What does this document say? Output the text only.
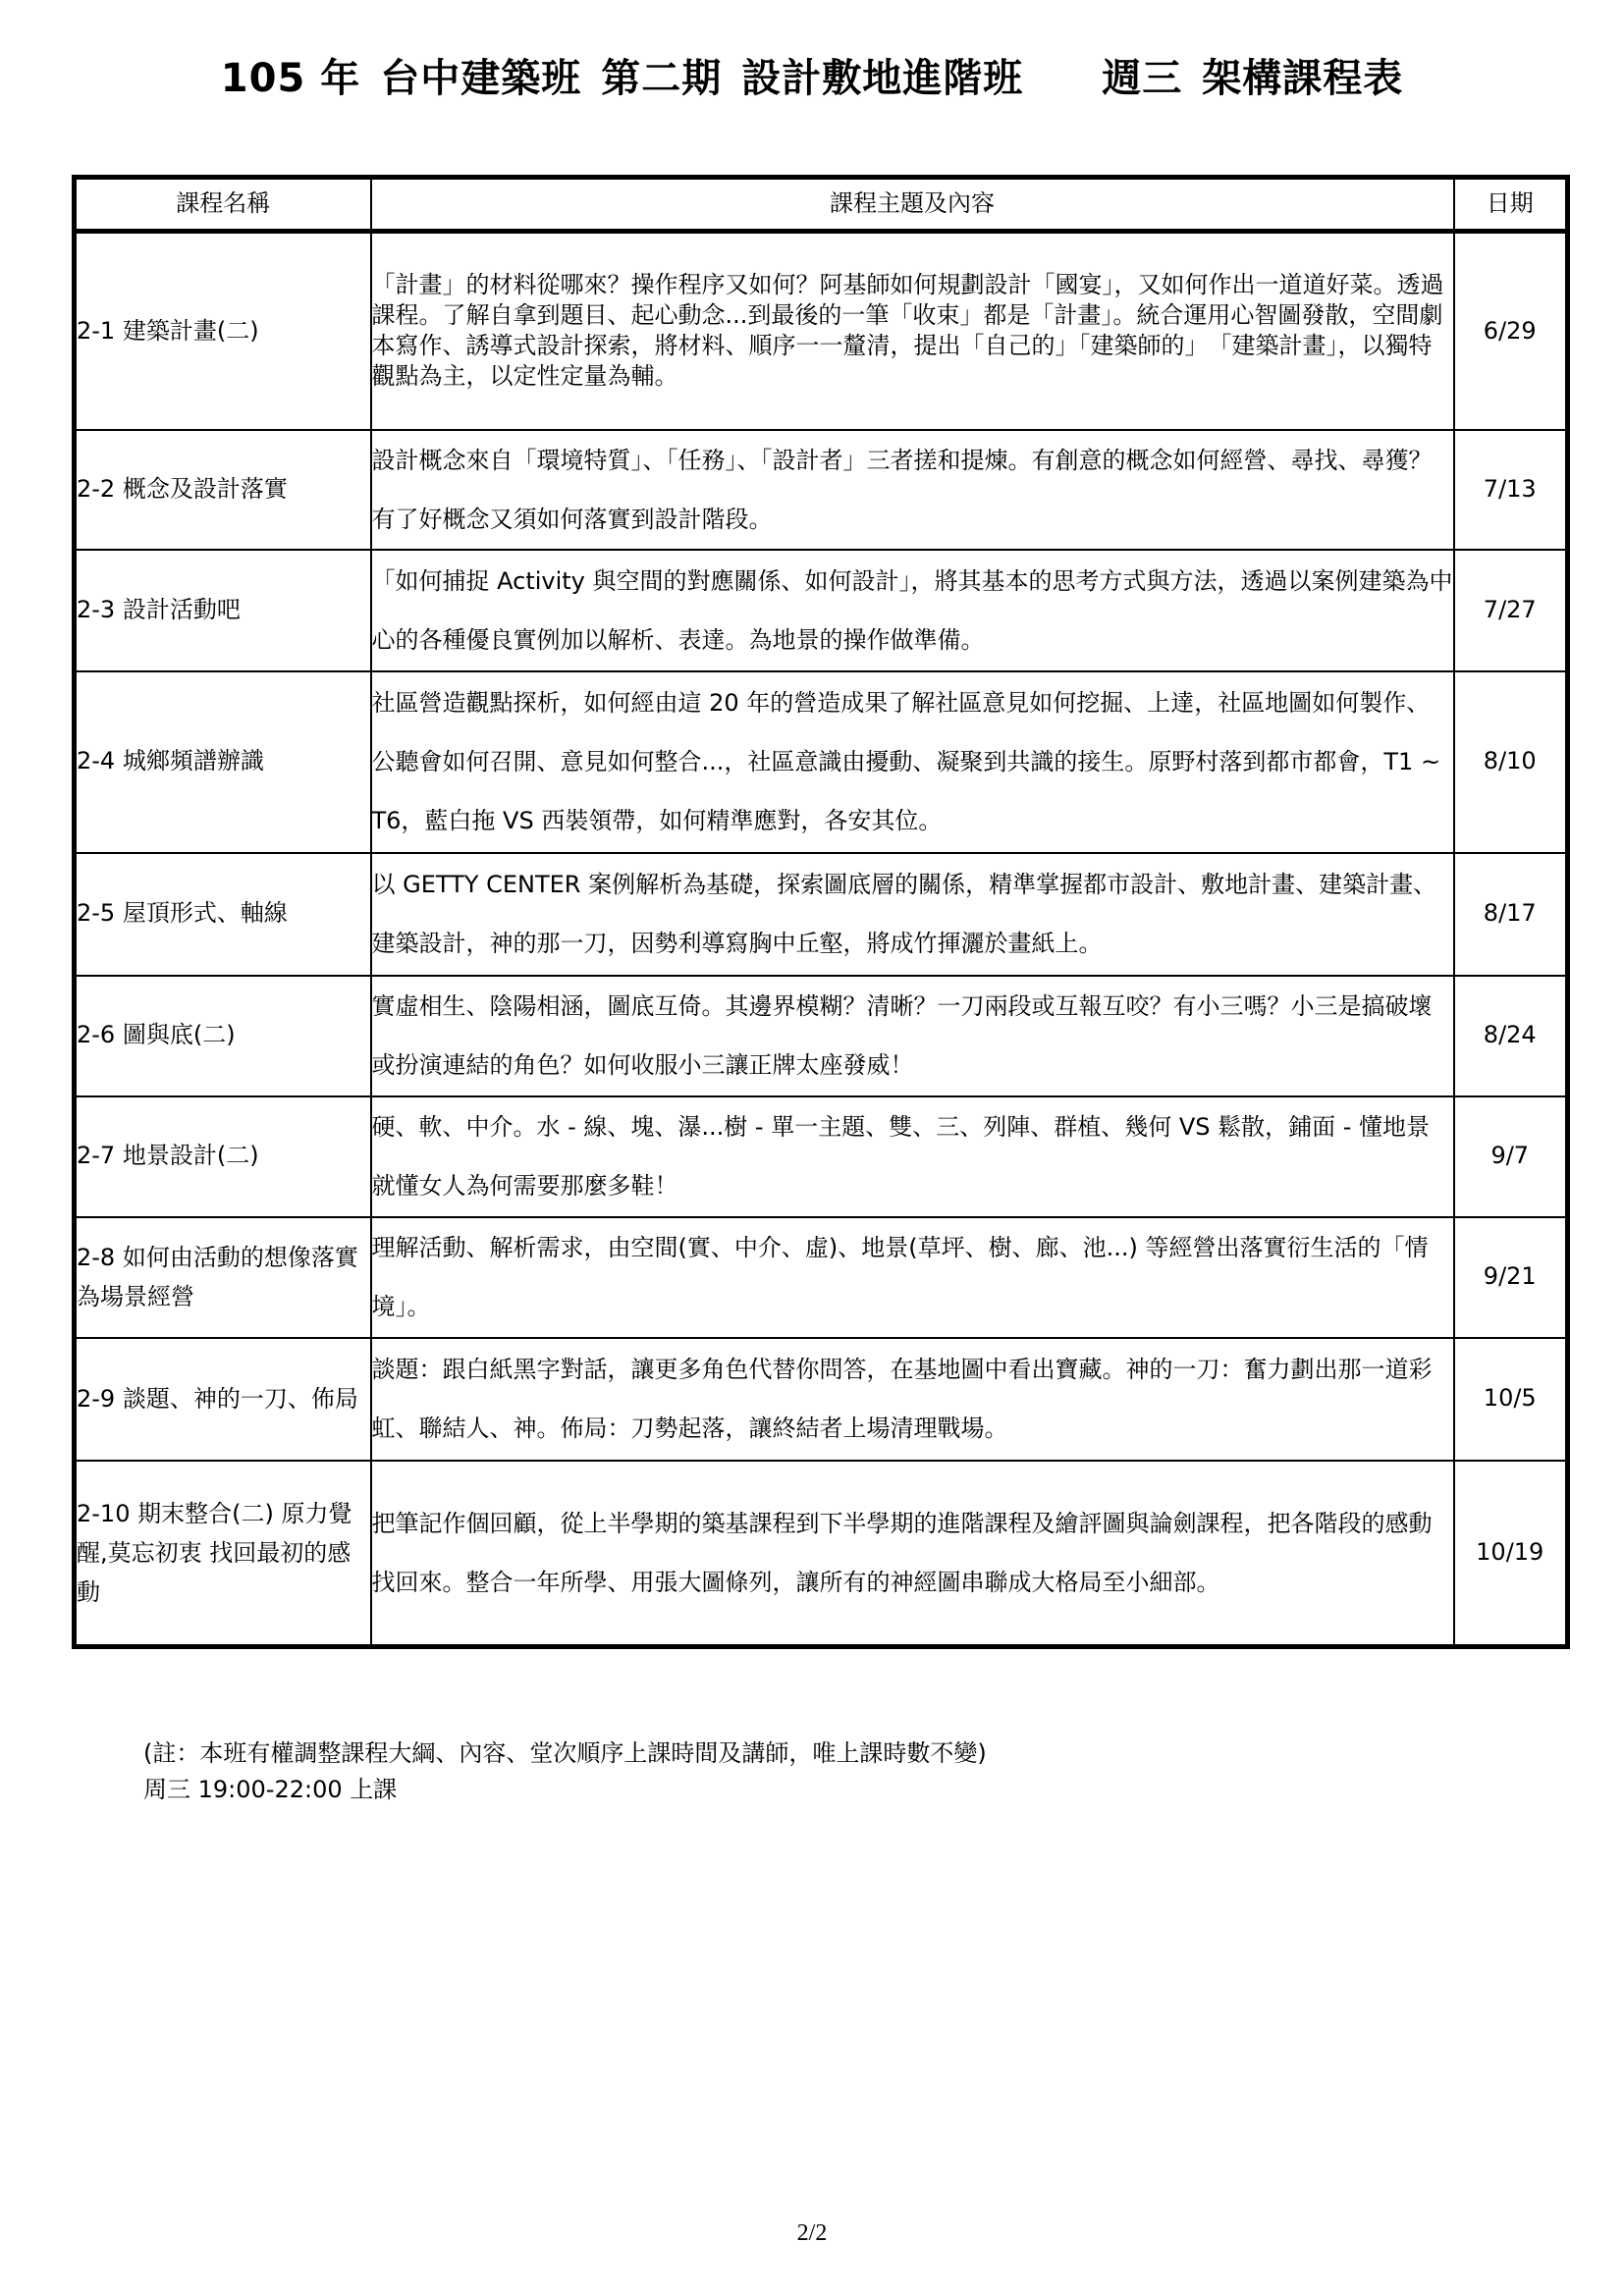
105 年 台中建築班 第二期 設計敷地進階班 週三 架構課程表
課程名稱	課程主題及內容	日期
2-1 建築計畫(二)	「計畫」的材料從哪來？操作程序又如何？阿基師如何規劃設計「國宴」，又如何作出一道道好菜。透過課程。了解自拿到題目、起心動念...到最後的一筆「收束」都是「計畫」。統合運用心智圖發散，空間劇本寫作、誘導式設計探索，將材料、順序一一釐清，提出「自己的」「建築師的」　「建築計畫」，以獨特觀點為主，以定性定量為輔。	6/29
2-2 概念及設計落實	設計概念來自「環境特質」、「任務」、「設計者」三者搓和提煉。有創意的概念如何經營、尋找、尋獲？有了好概念又須如何落實到設計階段。	7/13
2-3 設計活動吧	「如何捕捉 Activity 與空間的對應關係、如何設計」，將其基本的思考方式與方法，透過以案例建築為中心的各種優良實例加以解析、表達。為地景的操作做準備。	7/27
2-4 城鄉頻譜辦識	社區營造觀點探析，如何經由這 20 年的營造成果了解社區意見如何挖掘、上達，社區地圖如何製作、公聽會如何召開、意見如何整合...，社區意識由擾動、凝聚到共識的接生。原野村落到都市都會，T1 ~ T6，藍白拖 VS 西裝領帶，如何精準應對，各安其位。	8/10
2-5 屋頂形式、軸線	以 GETTY CENTER 案例解析為基礎，探索圖底層的關係，精準掌握都市設計、敷地計畫、建築計畫、建築設計，神的那一刀，因勢利導寫胸中丘壑，將成竹揮灑於畫紙上。	8/17
2-6 圖與底(二)	實虛相生、陰陽相涵，圖底互倚。其邊界模糊？清晰？一刀兩段或互報互咬？有小三嗎？小三是搞破壞或扮演連結的角色？如何收服小三讓正牌太座發威！	8/24
2-7 地景設計(二)	硬、軟、中介。水 - 線、塊、瀑...樹 - 單一主題、雙、三、列陣、群植、幾何 VS 鬆散，鋪面 - 懂地景就懂女人為何需要那麼多鞋！	9/7
2-8 如何由活動的想像落實為場景經營	理解活動、解析需求，由空間(實、中介、虛)、地景(草坪、樹、廊、池...) 等經營出落實衍生活的「情境」。	9/21
2-9 談題、神的一刀、佈局	談題：跟白紙黑字對話，讓更多角色代替你問答，在基地圖中看出寶藏。神的一刀：奮力劃出那一道彩虹、聯結人、神。佈局：刀勢起落，讓終結者上場清理戰場。	10/5
2-10 期末整合(二) 原力覺醒,莫忘初衷 找回最初的感動	把筆記作個回顧，從上半學期的築基課程到下半學期的進階課程及繪評圖與論劍課程，把各階段的感動找回來。整合一年所學、用張大圖條列，讓所有的神經圖串聯成大格局至小細部。	10/19
(註：本班有權調整課程大綱、內容、堂次順序上課時間及講師，唯上課時數不變)
周三 19:00-22:00 上課
2/2
